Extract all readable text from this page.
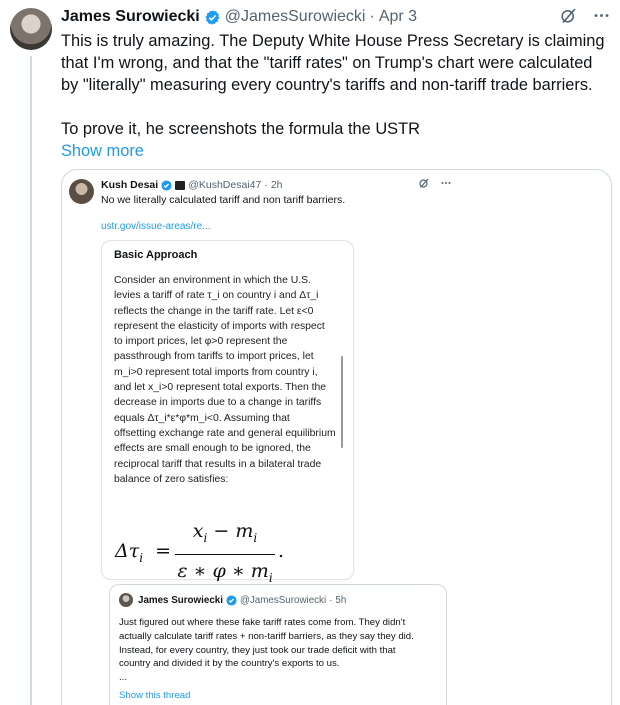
James Surowiecki @JamesSurowiecki · Apr 3
This is truly amazing. The Deputy White House Press Secretary is claiming that I'm wrong, and that the "tariff rates" on Trump's chart were calculated by "literally" measuring every country's tariffs and non-tariff trade barriers.

To prove it, he screenshots the formula the USTR
Show more
Kush Desai	@KushDesai47 · 2h
No we literally calculated tariff and non tariff barriers.
ustr.gov/issue-areas/re...
Basic Approach
Consider an environment in which the U.S.
levies a tariff of rate τ_i on country i and Δτ_i
reflects the change in the tariff rate. Let ε<0
represent the elasticity of imports with respect
to import prices, let φ>0 represent the
passthrough from tariffs to import prices, let
m_i>0 represent total imports from country i,
and let x_i>0 represent total exports. Then the
decrease in imports due to a change in tariffs
equals Δτ_i*ε*φ*m_i<0. Assuming that
offsetting exchange rate and general equilibrium
effects are small enough to be ignored, the
reciprocal tariff that results in a bilateral trade
balance of zero satisfies:
$\Delta\tau_i$ =
$x_i - m_i$
ε ∗ φ ∗ $m_i$
.
James Surowiecki @JamesSurowiecki · 5h
Just figured out where these fake tariff rates come from. They didn't
actually calculate tariff rates + non-tariff barriers, as they say they did.
Instead, for every country, they just took our trade deficit with that
country and divided it by the country's exports to us.
...
Show this thread
